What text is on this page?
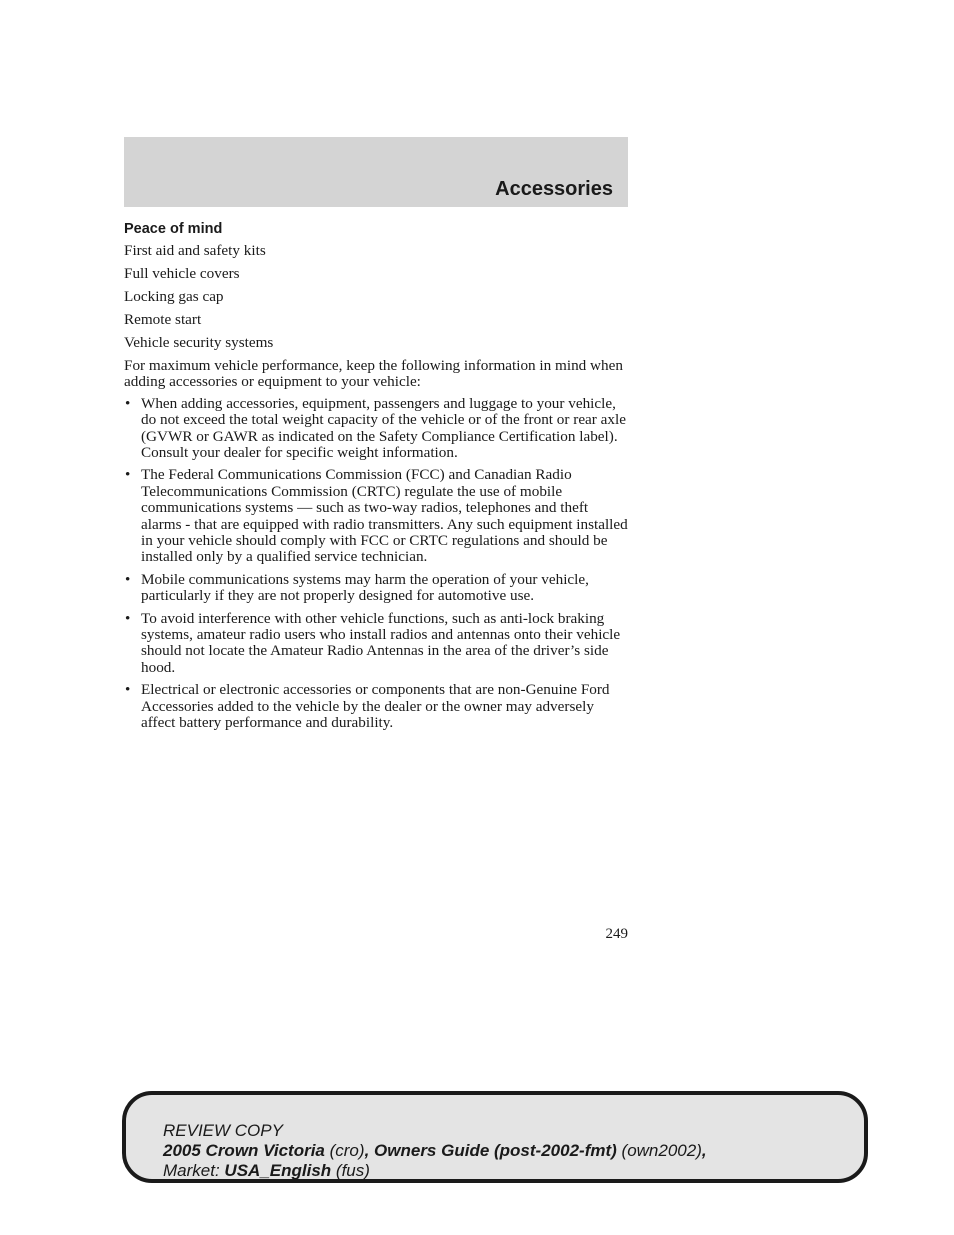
Accessories
Peace of mind
First aid and safety kits
Full vehicle covers
Locking gas cap
Remote start
Vehicle security systems

For maximum vehicle performance, keep the following information in mind when adding accessories or equipment to your vehicle:

• When adding accessories, equipment, passengers and luggage to your vehicle, do not exceed the total weight capacity of the vehicle or of the front or rear axle (GVWR or GAWR as indicated on the Safety Compliance Certification label). Consult your dealer for specific weight information.
• The Federal Communications Commission (FCC) and Canadian Radio Telecommunications Commission (CRTC) regulate the use of mobile communications systems — such as two-way radios, telephones and theft alarms - that are equipped with radio transmitters. Any such equipment installed in your vehicle should comply with FCC or CRTC regulations and should be installed only by a qualified service technician.
• Mobile communications systems may harm the operation of your vehicle, particularly if they are not properly designed for automotive use.
• To avoid interference with other vehicle functions, such as anti-lock braking systems, amateur radio users who install radios and antennas onto their vehicle should not locate the Amateur Radio Antennas in the area of the driver’s side hood.
• Electrical or electronic accessories or components that are non-Genuine Ford Accessories added to the vehicle by the dealer or the owner may adversely affect battery performance and durability.
249
REVIEW COPY
2005 Crown Victoria (cro), Owners Guide (post-2002-fmt) (own2002),
Market: USA_English (fus)
